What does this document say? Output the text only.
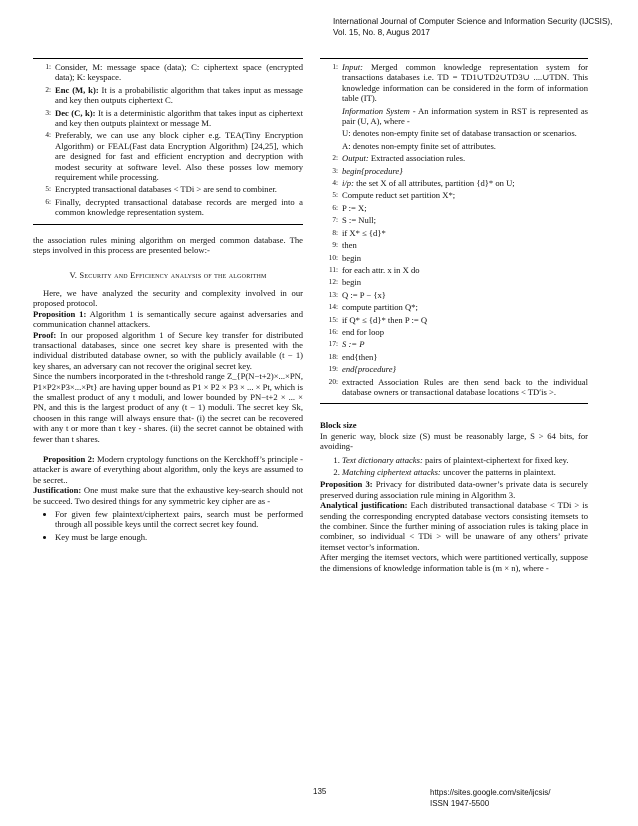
International Journal of Computer Science and Information Security (IJCSIS),
Vol. 15, No. 8, Augus 2017
1: Consider, M: message space (data); C: ciphertext space (encrypted data); K: keyspace.
2: Enc (M, k): It is a probabilistic algorithm that takes input as message and key then outputs ciphertext C.
3: Dec (C, k): It is a deterministic algorithm that takes input as ciphertext and key then outputs plaintext or message M.
4: Preferably, we can use any block cipher e.g. TEA(Tiny Encryption Algorithm) or FEAL(Fast data Encryption Algorithm) [24,25], which are designed for fast and efficient encryption and decryption with modest security at software level. Also these posses low memory requirement while processing.
5: Encrypted transactional databases < TDi > are send to combiner.
6: Finally, decrypted transactional database records are merged into a common knowledge representation system.

the association rules mining algorithm on merged common database. The steps involved in this process are presented below:-

V. Security and Efficiency analysis of the algorithm

Here, we have analyzed the security and complexity involved in our proposed protocol.

Proposition 1: Algorithm 1 is semantically secure against adversaries and communication channel attackers.

Proof: In our proposed algorithm 1 of Secure key transfer for distributed transactional databases, since one secret key share is presented with the individual distributed database owner, so with the publicly available (t − 1) key shares, an adversary can not recover the original secret key.

Since the numbers incorporated in the t-threshold range Z_{P(N−t+2)×...×PN, P1×P2×P3×...×Pt} are having upper bound as P1 × P2 × P3 × ... × Pt, which is the smallest product of any t moduli, and lower bounded by PN−t+2 × ... × PN, and this is the largest product of any (t − 1) moduli. The secret key Sk, choosen in this range will always ensure that- (i) the secret can be recovered with any t or more than t key - shares. (ii) the secret cannot be obtained with fewer than t shares.

Proposition 2: Modern cryptology functions on the Kerckhoff’s principle - attacker is aware of everything about algorithm, only the keys are assumed to be secret..

Justification: One must make sure that the exhaustive key-search should not be succeed. Two desired things for any symmetric key cipher are as -

• For given few plaintext/ciphertext pairs, search must be performed through all possible keys until the correct secret key found.
• Key must be large enough.
1: Input: Merged common knowledge representation system for transactions databases i.e. TD = TD1∪TD2∪TD3∪ ....∪TDN. This knowledge information can be considered in the form of information table (IT).
Information System - An information system in RST is represented as pair (U, A), where -
U: denotes non-empty finite set of database transaction or scenarios.
A: denotes non-empty finite set of attributes.
2: Output: Extracted association rules.
3: begin{procedure}
4: i/p: the set X of all attributes, partition {d}* on U;
5: Compute reduct set partition X*;
6: P := X;
7: S := Null;
8: if X* ≤ {d}*
9: then
10: begin
11: for each attr. x in X do
12: begin
13: Q := P − {x}
14: compute partition Q*;
15: if Q* ≤ {d}* then P := Q
16: end for loop
17: S := P
18: end{then}
19: end{procedure}
20: extracted Association Rules are then send back to the individual database owners or transactional database locations < TD′is >.

Block size

In generic way, block size (S) must be reasonably large, S > 64 bits, for avoiding-

1. Text dictionary attacks: pairs of plaintext-ciphertext for fixed key.
2. Matching ciphertext attacks: uncover the patterns in plaintext.

Proposition 3: Privacy for distributed data-owner’s private data is securely preserved during association rule mining in Algorithm 3.

Analytical justification: Each distributed transactional database < TDi > is sending the corresponding encrypted database vectors consisting itemsets to the combiner. Since the further mining of association rules is taking place in combiner, so individual < TDi > will be unaware of any others’ private itemset vector’s information.

After merging the itemset vectors, which were partitioned vertically, suppose the dimensions of knowledge information table is (m × n), where -

135	https://sites.google.com/site/ijcsis/
ISSN 1947-5500
